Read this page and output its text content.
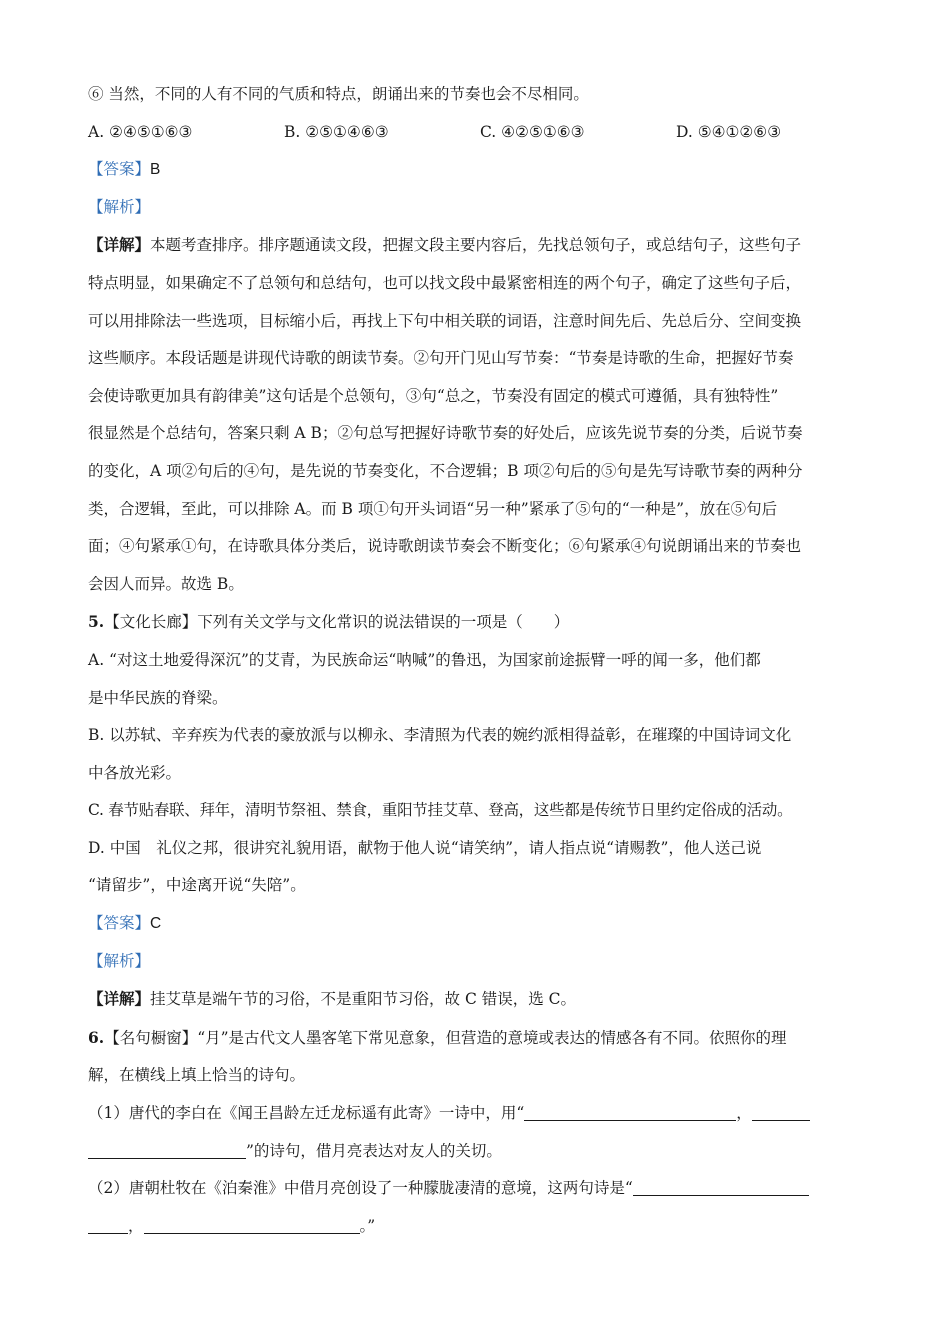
⑥ 当然，不同的人有不同的气质和特点，朗诵出来的节奏也会不尽相同。
A. ②④⑤①⑥③	B. ②⑤①④⑥③	C. ④②⑤①⑥③	D. ⑤④①②⑥③
【答案】B
【解析】
【详解】本题考查排序。排序题通读文段，把握文段主要内容后，先找总领句子，或总结句子，这些句子
特点明显，如果确定不了总领句和总结句，也可以找文段中最紧密相连的两个句子，确定了这些句子后，
可以用排除法一些选项，目标缩小后，再找上下句中相关联的词语，注意时间先后、先总后分、空间变换
这些顺序。本段话题是讲现代诗歌的朗读节奏。②句开门见山写节奏：“节奏是诗歌的生命，把握好节奏
会使诗歌更加具有韵律美”这句话是个总领句，③句“总之，节奏没有固定的模式可遵循，具有独特性”
很显然是个总结句，答案只剩 A B；②句总写把握好诗歌节奏的好处后，应该先说节奏的分类，后说节奏
的变化，A 项②句后的④句，是先说的节奏变化，不合逻辑；B 项②句后的⑤句是先写诗歌节奏的两种分
类，合逻辑，至此，可以排除 A。而 B 项①句开头词语“另一种”紧承了⑤句的“一种是”，放在⑤句后
面；④句紧承①句，在诗歌具体分类后，说诗歌朗读节奏会不断变化；⑥句紧承④句说朗诵出来的节奏也
会因人而异。故选 B。
5.【文化长廊】下列有关文学与文化常识的说法错误的一项是（　　）
A. “对这土地爱得深沉”的艾青，为民族命运“呐喊”的鲁迅，为国家前途振臂一呼的闻一多，他们都
是中华民族的脊梁。
B. 以苏轼、辛弃疾为代表的豪放派与以柳永、李清照为代表的婉约派相得益彰，在璀璨的中国诗词文化
中各放光彩。
C. 春节贴春联、拜年，清明节祭祖、禁食，重阳节挂艾草、登高，这些都是传统节日里约定俗成的活动。
D. 中国　礼仪之邦，很讲究礼貌用语，献物于他人说“请笑纳”，请人指点说“请赐教”，他人送己说
“请留步”，中途离开说“失陪”。
【答案】C
【解析】
【详解】挂艾草是端午节的习俗，不是重阳节习俗，故 C 错误，选 C。
6.【名句橱窗】“月”是古代文人墨客笔下常见意象，但营造的意境或表达的情感各有不同。依照你的理
解，在横线上填上恰当的诗句。
（1）唐代的李白在《闻王昌龄左迁龙标遥有此寄》一诗中，用“	，
”的诗句，借月亮表达对友人的关切。
（2）唐朝杜牧在《泊秦淮》中借月亮创设了一种朦胧凄清的意境，这两句诗是“
，	。”
